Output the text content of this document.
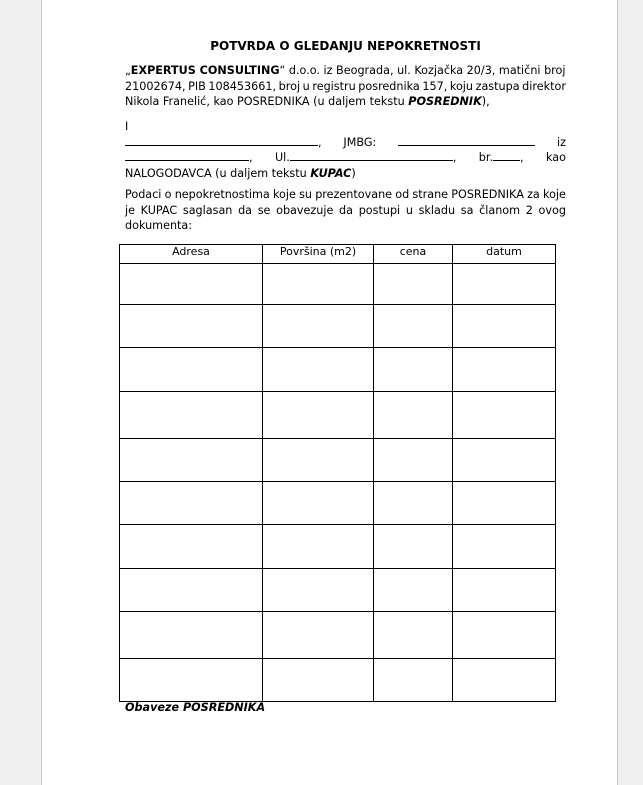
POTVRDA O GLEDANJU NEPOKRETNOSTI
„EXPERTUS CONSULTING“ d.o.o. iz Beograda, ul. Kozjačka 20/3, matični broj
21002674, PIB 108453661, broj u registru posrednika 157, koju zastupa direktor
Nikola Franelić, kao POSREDNIKA (u daljem tekstu POSREDNIK),
I
, JMBG:	iz
, Ul.	, br. , kao
NALOGODAVCA (u daljem tekstu KUPAC)
Podaci o nepokretnostima koje su prezentovane od strane POSREDNIKA za koje
je KUPAC saglasan da se obavezuje da postupi u skladu sa članom 2 ovog
dokumenta:
Adresa	Površina (m2)	cena	datum

Obaveze POSREDNIKA
